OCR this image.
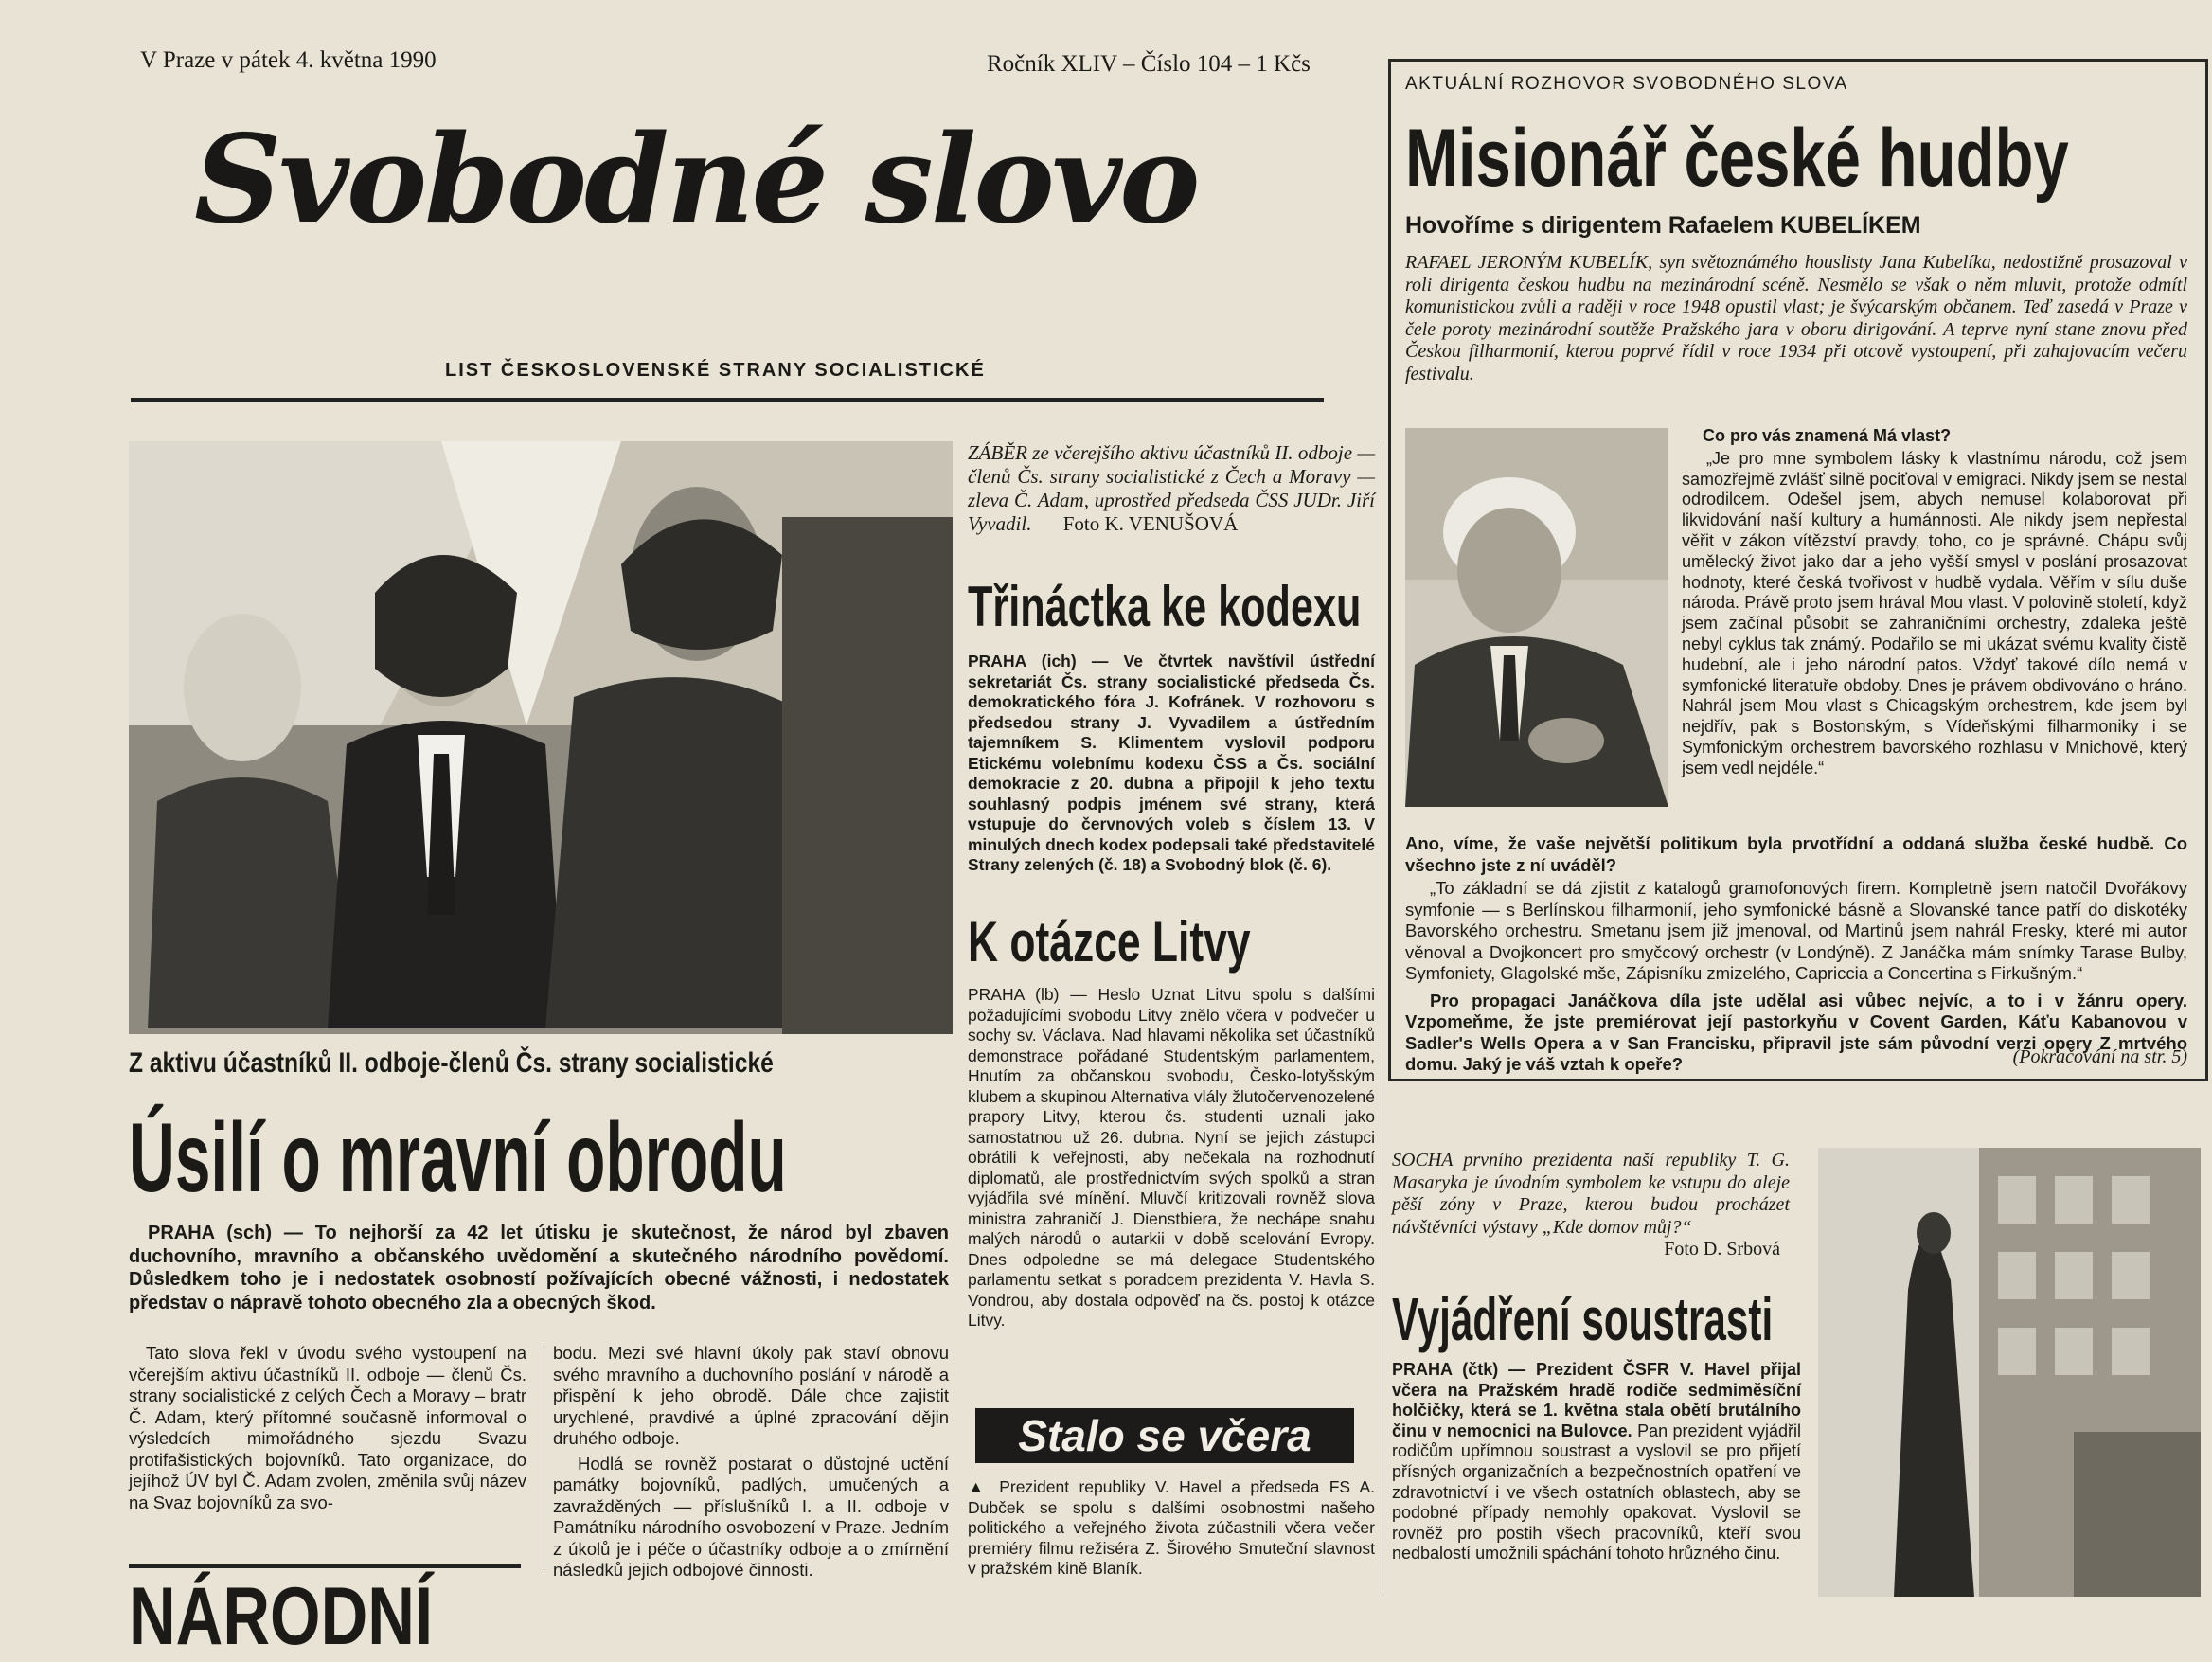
V Praze v pátek 4. května 1990	Ročník XLIV – Číslo 104 – 1 Kčs
Svobodné slovo
LIST ČESKOSLOVENSKÉ STRANY SOCIALISTICKÉ
Z aktivu účastníků II. odboje-členů Čs. strany socialistické
ZÁBĚR ze včerejšího aktivu účastníků II. odboje — členů Čs. strany socialistické z Čech a Moravy — zleva Č. Adam, uprostřed předseda ČSS JUDr. Jiří Vyvadil. Foto K. VENUŠOVÁ
Třináctka ke kodexu
PRAHA (ich) — Ve čtvrtek navštívil ústřední sekretariát Čs. strany socialistické předseda Čs. demokratického fóra J. Kofránek. V rozhovoru s předsedou strany J. Vyvadilem a ústředním tajemníkem S. Klimentem vyslovil podporu Etickému volebnímu kodexu ČSS a Čs. sociální demokracie z 20. dubna a připojil k jeho textu souhlasný podpis jménem své strany, která vstupuje do červnových voleb s číslem 13. V minulých dnech kodex podepsali také představitelé Strany zelených (č. 18) a Svobodný blok (č. 6).
K otázce Litvy
PRAHA (lb) — Heslo Uznat Litvu spolu s dalšími požadujícími svobodu Litvy znělo včera v podvečer u sochy sv. Václava. Nad hlavami několika set účastníků demonstrace pořádané Studentským parlamentem, Hnutím za občanskou svobodu, Česko-lotyšským klubem a skupinou Alternativa vlály žlutočervenozelené prapory Litvy, kterou čs. studenti uznali jako samostatnou už 26. dubna. Nyní se jejich zástupci obrátili k veřejnosti, aby nečekala na rozhodnutí diplomatů, ale prostřednictvím svých spolků a stran vyjádřila své mínění. Mluvčí kritizovali rovněž slova ministra zahraničí J. Dienstbiera, že nechápe snahu malých národů o autarkii v době scelování Evropy. Dnes odpoledne se má delegace Studentského parlamentu setkat s poradcem prezidenta V. Havla S. Vondrou, aby dostala odpověď na čs. postoj k otázce Litvy.
Stalo se včera
▲ Prezident republiky V. Havel a předseda FS A. Dubček se spolu s dalšími osobnostmi našeho politického a veřejného života zúčastnili včera večer premiéry filmu režiséra Z. Širového Smuteční slavnost v pražském kině Blaník.
Úsilí o mravní obrodu
PRAHA (sch) — To nejhorší za 42 let útisku je skutečnost, že národ byl zbaven duchovního, mravního a občanského uvědomění a skutečného národního povědomí. Důsledkem toho je i nedostatek osobností požívajících obecné vážnosti, i nedostatek představ o nápravě tohoto obecného zla a obecných škod.
Tato slova řekl v úvodu svého vystoupení na včerejším aktivu účastníků II. odboje — členů Čs. strany socialistické z celých Čech a Moravy – bratr Č. Adam, který přítomné současně informoval o výsledcích mimořádného sjezdu Svazu protifašistických bojovníků. Tato organizace, do jejíhož ÚV byl Č. Adam zvolen, změnila svůj název na Svaz bojovníků za svo-

bodu. Mezi své hlavní úkoly pak staví obnovu svého mravního a duchovního poslání v národě a přispění k jeho obrodě. Dále chce zajistit urychlené, pravdivé a úplné zpracování dějin druhého odboje.

Hodlá se rovněž postarat o důstojné uctění památky bojovníků, padlých, umučených a zavražděných — příslušníků I. a II. odboje v Památníku národního osvobození v Praze. Jedním z úkolů je i péče o účastníky odboje a o zmírnění následků jejich odbojové činnosti.

NÁRODNÍ
AKTUÁLNÍ ROZHOVOR SVOBODNÉHO SLOVA
Misionář české hudby
Hovoříme s dirigentem Rafaelem KUBELÍKEM
RAFAEL JERONÝM KUBELÍK, syn světoznámého houslisty Jana Kubelíka, nedostižně prosazoval v roli dirigenta českou hudbu na mezinárodní scéně. Nesmělo se však o něm mluvit, protože odmítl komunistickou zvůli a raději v roce 1948 opustil vlast; je švýcarským občanem. Teď zasedá v Praze v čele poroty mezinárodní soutěže Pražského jara v oboru dirigování. A teprve nyní stane znovu před Českou filharmonií, kterou poprvé řídil v roce 1934 při otcově vystoupení, při zahajovacím večeru festivalu.
Co pro vás znamená Má vlast?
„Je pro mne symbolem lásky k vlastnímu národu, což jsem samozřejmě zvlášť silně pociťoval v emigraci. Nikdy jsem se nestal odrodilcem. Odešel jsem, abych nemusel kolaborovat při likvidování naší kultury a humánnosti. Ale nikdy jsem nepřestal věřit v zákon vítězství pravdy, toho, co je správné. Chápu svůj umělecký život jako dar a jeho vyšší smysl v poslání prosazovat hodnoty, které česká tvořivost v hudbě vydala. Věřím v sílu duše národa. Právě proto jsem hrával Mou vlast. V polovině století, když jsem začínal působit se zahraničními orchestry, zdaleka ještě nebyl cyklus tak známý. Podařilo se mi ukázat svému kvality čistě hudební, ale i jeho národní patos. Vždyť takové dílo nemá v symfonické literatuře obdoby. Dnes je právem obdivováno o hráno. Nahrál jsem Mou vlast s Chicagským orchestrem, kde jsem byl nejdřív, pak s Bostonským, s Vídeňskými filharmoniky i se Symfonickým orchestrem bavorského rozhlasu v Mnichově, který jsem vedl nejdéle.“
Ano, víme, že vaše největší politikum byla prvotřídní a oddaná služba české hudbě. Co všechno jste z ní uváděl?
„To základní se dá zjistit z katalogů gramofonových firem. Kompletně jsem natočil Dvořákovy symfonie — s Berlínskou filharmonií, jeho symfonické básně a Slovanské tance patří do diskotéky Bavorského orchestru. Smetanu jsem již jmenoval, od Martinů jsem nahrál Fresky, které mi autor věnoval a Dvojkoncert pro smyčcový orchestr (v Londýně). Z Janáčka mám snímky Tarase Bulby, Symfoniety, Glagolské mše, Zápisníku zmizelého, Capriccia a Concertina s Firkušným.“
Pro propagaci Janáčkova díla jste udělal asi vůbec nejvíc, a to i v žánru opery. Vzpomeňme, že jste premiérovat její pastorkyňu v Covent Garden, Káťu Kabanovou v Sadler's Wells Opera a v San Francisku, připravil jste sám původní verzi opery Z mrtvého domu. Jaký je váš vztah k opeře?	(Pokračování na str. 5)
SOCHA prvního prezidenta naší republiky T. G. Masaryka je úvodním symbolem ke vstupu do aleje pěší zóny v Praze, kterou budou procházet návštěvníci výstavy „Kde domov můj?“
Foto D. Srbová
Vyjádření soustrasti
PRAHA (čtk) — Prezident ČSFR V. Havel přijal včera na Pražském hradě rodiče sedmiměsíční holčičky, která se 1. května stala obětí brutálního činu v nemocnici na Bulovce. Pan prezident vyjádřil rodičům upřímnou soustrast a vyslovil se pro přijetí přísných organizačních a bezpečnostních opatření ve zdravotnictví i ve všech ostatních oblastech, aby se podobné případy nemohly opakovat. Vyslovil se rovněž pro postih všech pracovníků, kteří svou nedbalostí umožnili spáchání tohoto hrůzného činu.
